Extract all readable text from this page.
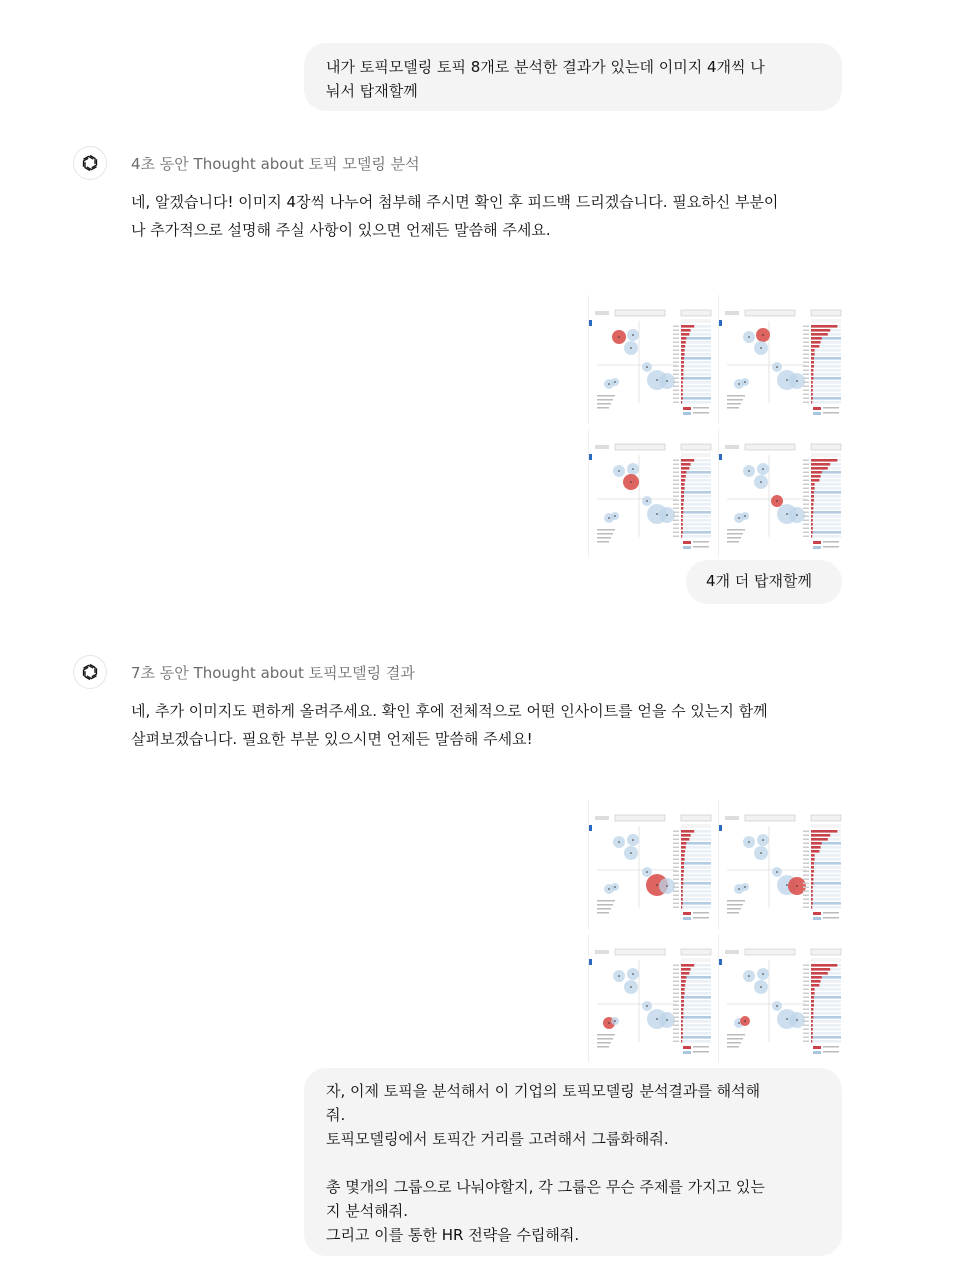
내가 토픽모델링 토픽 8개로 분석한 결과가 있는데 이미지 4개씩 나
눠서 탑재할께
4초 동안 Thought about 토픽 모델링 분석
네, 알겠습니다! 이미지 4장씩 나누어 첨부해 주시면 확인 후 피드백 드리겠습니다. 필요하신 부분이
나 추가적으로 설명해 주실 사항이 있으면 언제든 말씀해 주세요.
4개 더 탑재할께
7초 동안 Thought about 토픽모델링 결과
네, 추가 이미지도 편하게 올려주세요. 확인 후에 전체적으로 어떤 인사이트를 얻을 수 있는지 함께
살펴보겠습니다. 필요한 부분 있으시면 언제든 말씀해 주세요!
자, 이제 토픽을 분석해서 이 기업의 토픽모델링 분석결과를 해석해
줘.
토픽모델링에서 토픽간 거리를 고려해서 그룹화해줘.
총 몇개의 그룹으로 나눠야할지, 각 그룹은 무슨 주제를 가지고 있는
지 분석해줘.
그리고 이를 통한 HR 전략을 수립해줘.
